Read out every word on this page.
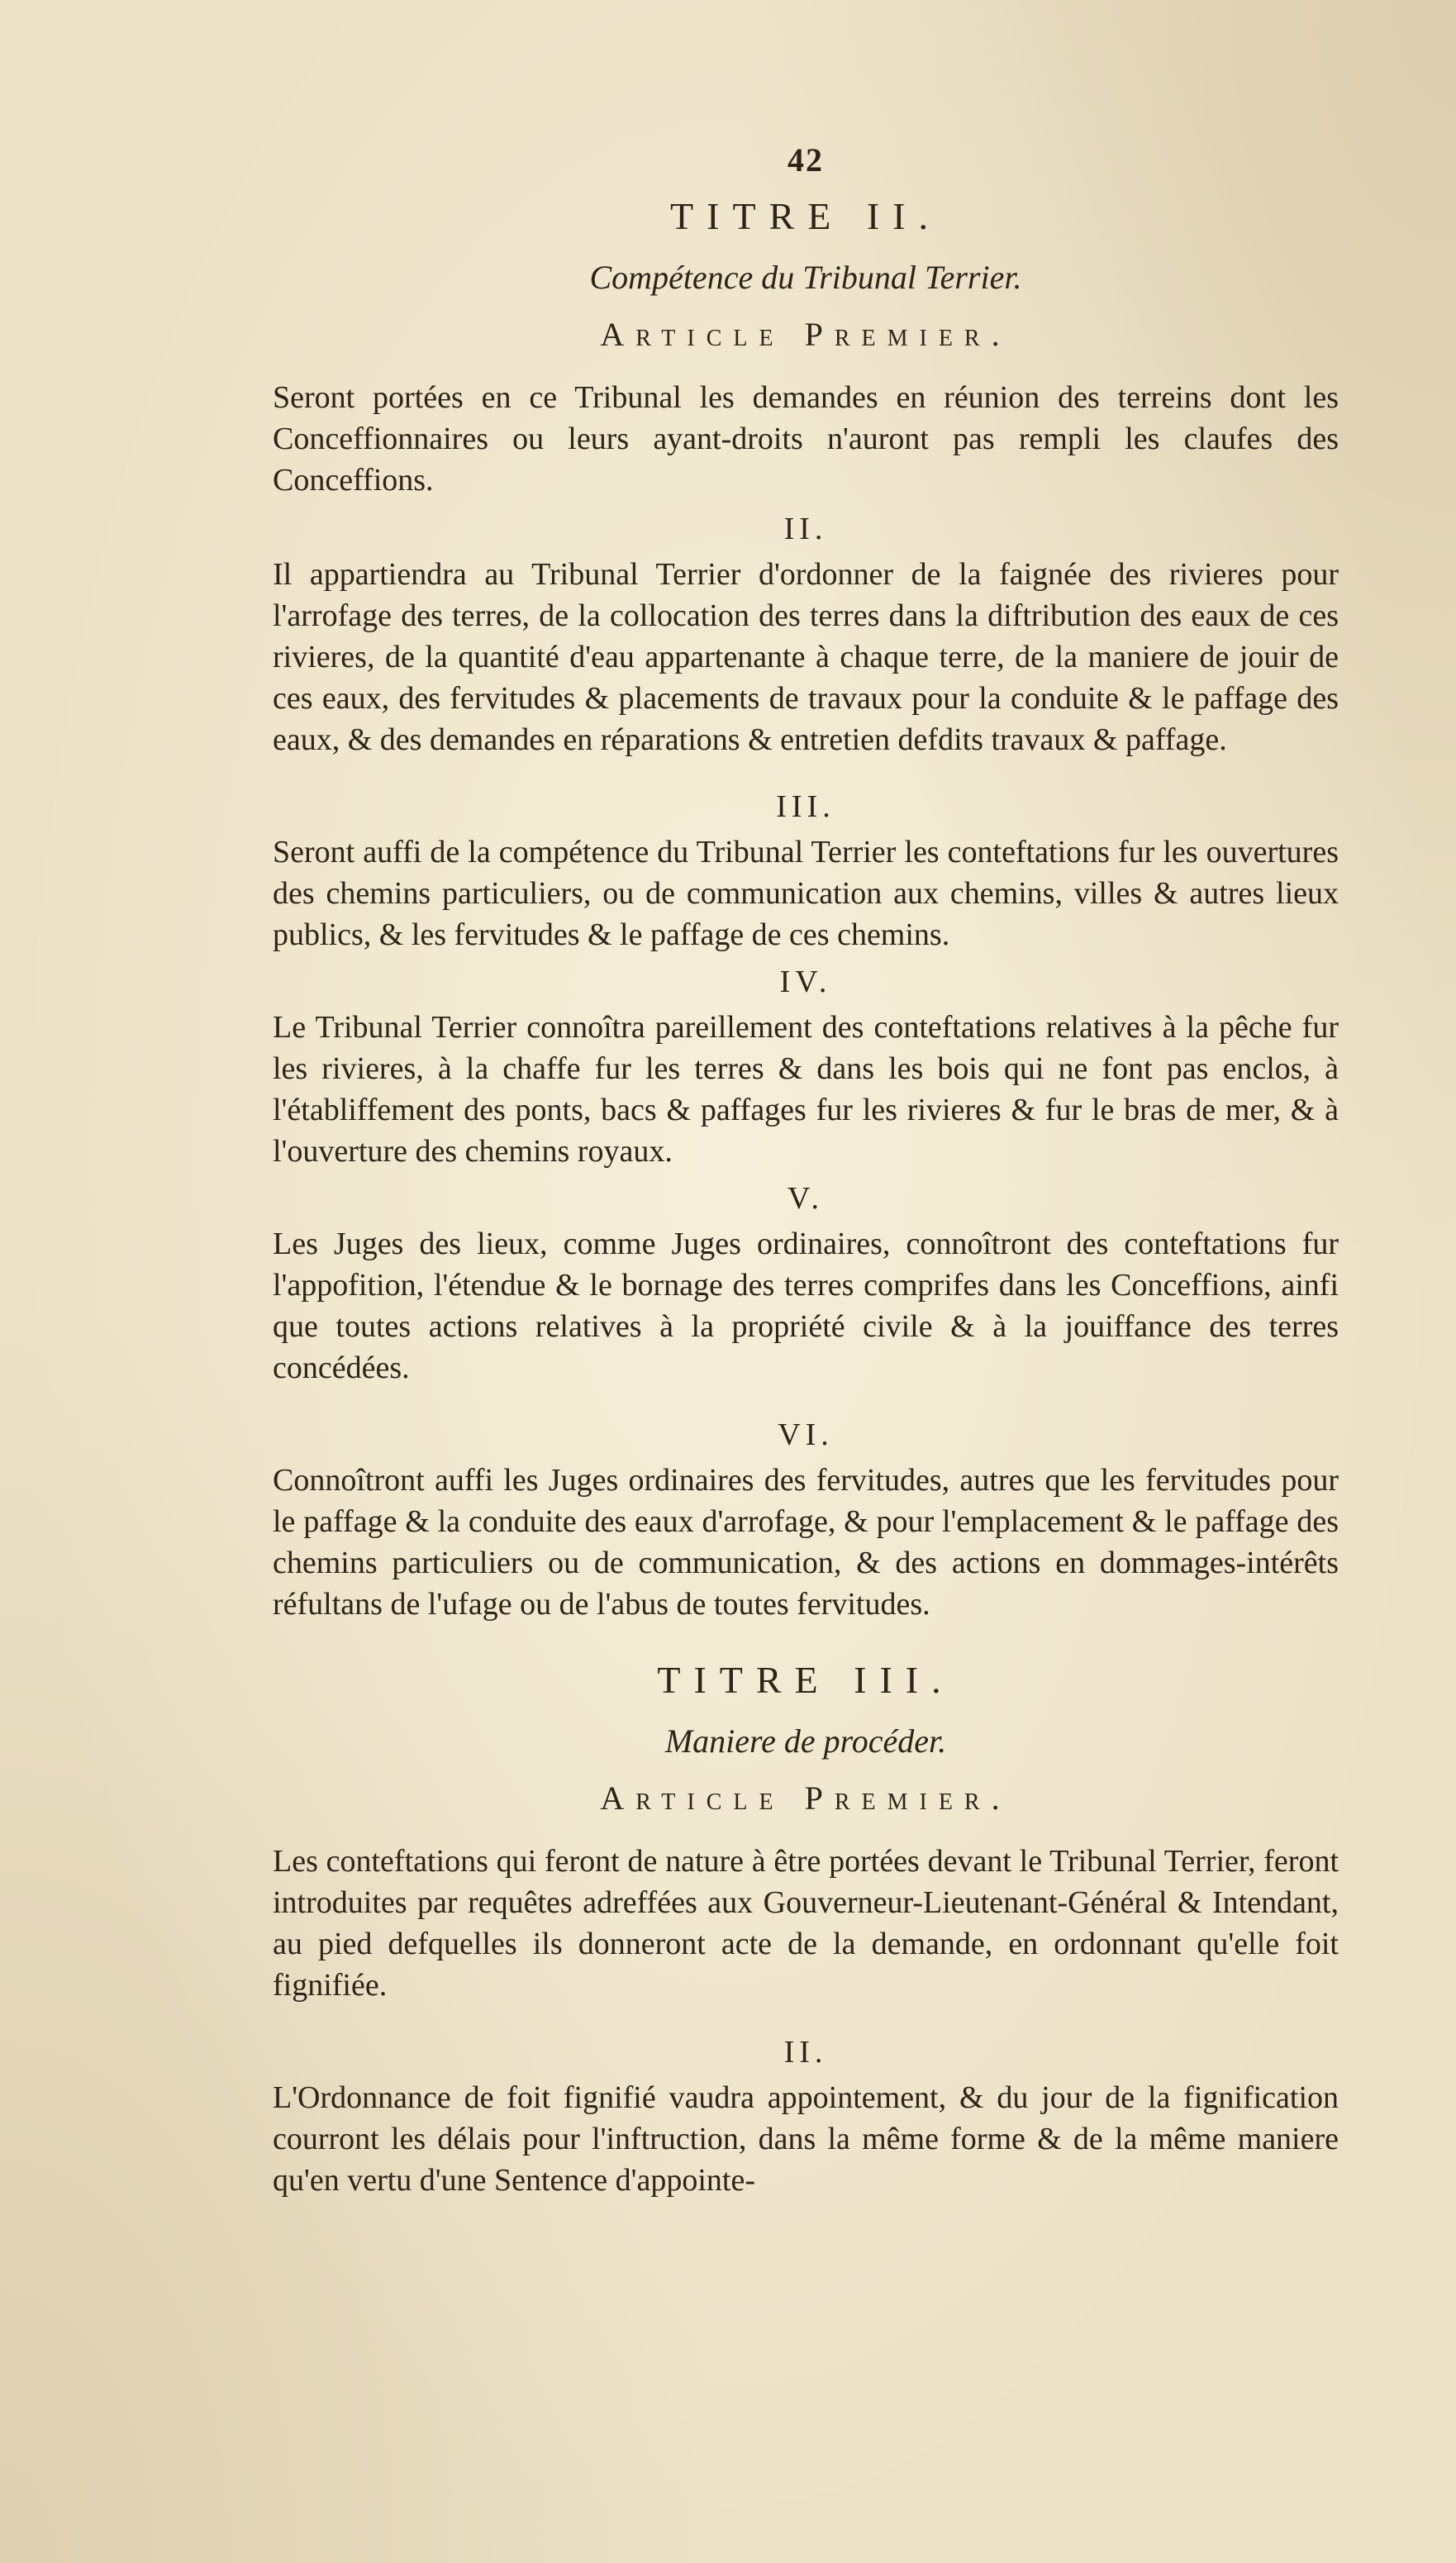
42
TITRE II.
Compétence du Tribunal Terrier.
Article Premier.

Seront portées en ce Tribunal les demandes en réunion des terreins dont les Conceffionnaires ou leurs ayant-droits n'auront pas rempli les claufes des Conceffions.

II.

Il appartiendra au Tribunal Terrier d'ordonner de la faignée des rivieres pour l'arrofage des terres, de la collocation des terres dans la diftribution des eaux de ces rivieres, de la quantité d'eau appartenante à chaque terre, de la maniere de jouir de ces eaux, des fervitudes & placements de travaux pour la conduite & le paffage des eaux, & des demandes en réparations & entretien defdits travaux & paffage.

III.

Seront auffi de la compétence du Tribunal Terrier les conteftations fur les ouvertures des chemins particuliers, ou de communication aux chemins, villes & autres lieux publics, & les fervitudes & le paffage de ces chemins.

IV.

Le Tribunal Terrier connoîtra pareillement des conteftations relatives à la pêche fur les rivieres, à la chaffe fur les terres & dans les bois qui ne font pas enclos, à l'établiffement des ponts, bacs & paffages fur les rivieres & fur le bras de mer, & à l'ouverture des chemins royaux.

V.

Les Juges des lieux, comme Juges ordinaires, connoîtront des conteftations fur l'appofition, l'étendue & le bornage des terres comprifes dans les Conceffions, ainfi que toutes actions relatives à la propriété civile & à la jouiffance des terres concédées.

VI.

Connoîtront auffi les Juges ordinaires des fervitudes, autres que les fervitudes pour le paffage & la conduite des eaux d'arrofage, & pour l'emplacement & le paffage des chemins particuliers ou de communication, & des actions en dommages-intérêts réfultans de l'ufage ou de l'abus de toutes fervitudes.

TITRE III.
Maniere de procéder.
Article Premier.

Les conteftations qui feront de nature à être portées devant le Tribunal Terrier, feront introduites par requêtes adreffées aux Gouverneur-Lieutenant-Général & Intendant, au pied defquelles ils donneront acte de la demande, en ordonnant qu'elle foit fignifiée.

II.

L'Ordonnance de foit fignifié vaudra appointement, & du jour de la fignification courront les délais pour l'inftruction, dans la même forme & de la même maniere qu'en vertu d'une Sentence d'appointe-
